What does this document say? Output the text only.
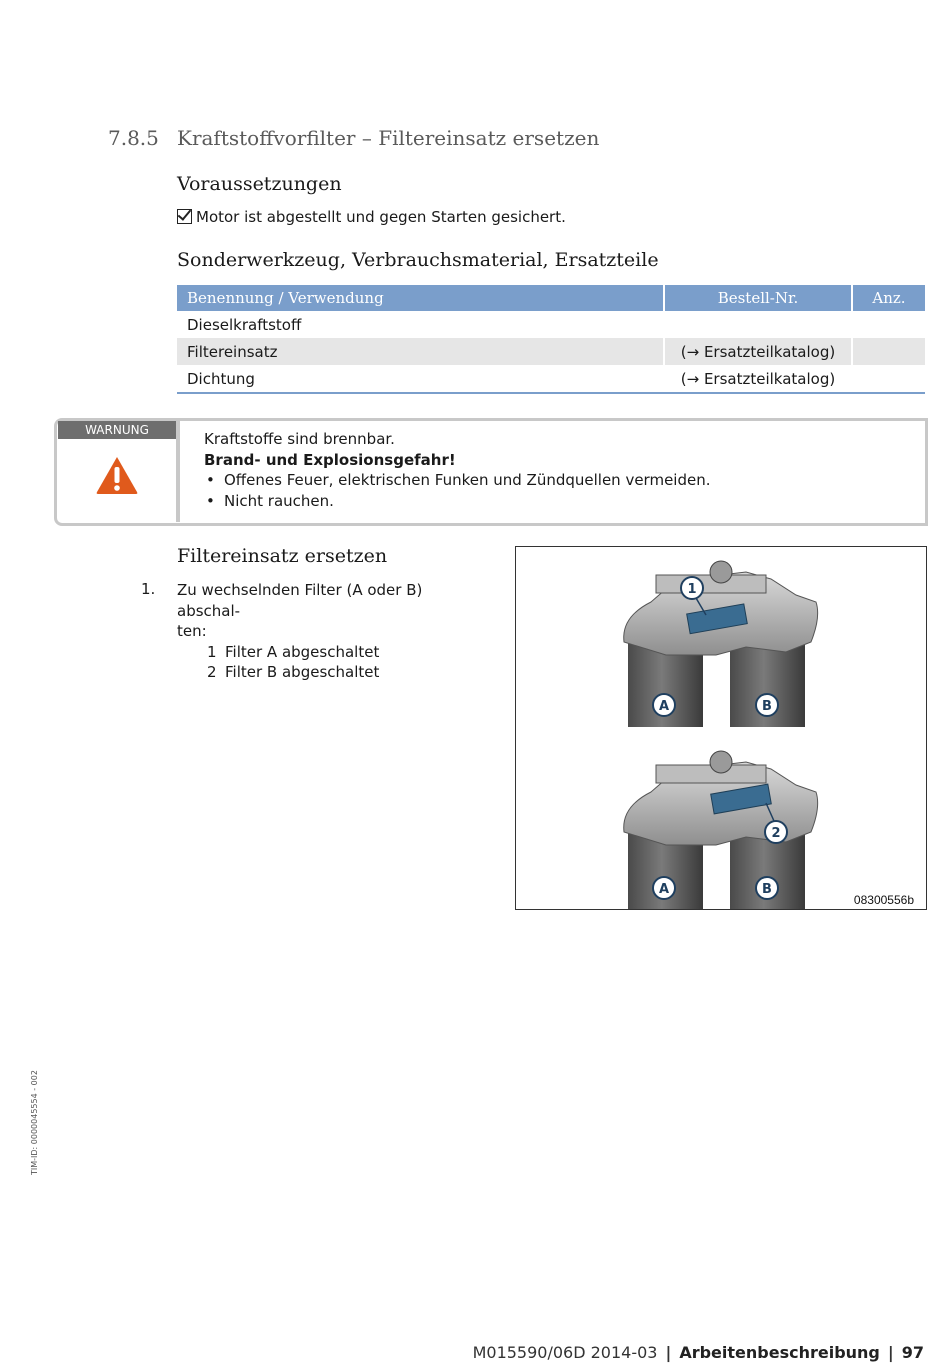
7.8.5 Kraftstoffvorfilter – Filtereinsatz ersetzen
Voraussetzungen
Motor ist abgestellt und gegen Starten gesichert.
Sonderwerkzeug, Verbrauchsmaterial, Ersatzteile
Benennung / Verwendung	Bestell-Nr.	Anz.
Dieselkraftstoff		
Filtereinsatz	(→ Ersatzteilkatalog)	
Dichtung	(→ Ersatzteilkatalog)	
WARNUNG	Kraftstoffe sind brennbar.
Brand- und Explosionsgefahr!
• Offenes Feuer, elektrischen Funken und Zündquellen vermeiden.
• Nicht rauchen.
Filtereinsatz ersetzen
1. Zu wechselnden Filter (A oder B) abschal-
ten:
1 Filter A abgeschaltet
2 Filter B abgeschaltet
1
A	B
2
A	B
08300556b
TIM-ID: 0000045554 - 002
M015590/06D 2014-03 | Arbeitenbeschreibung | 97
